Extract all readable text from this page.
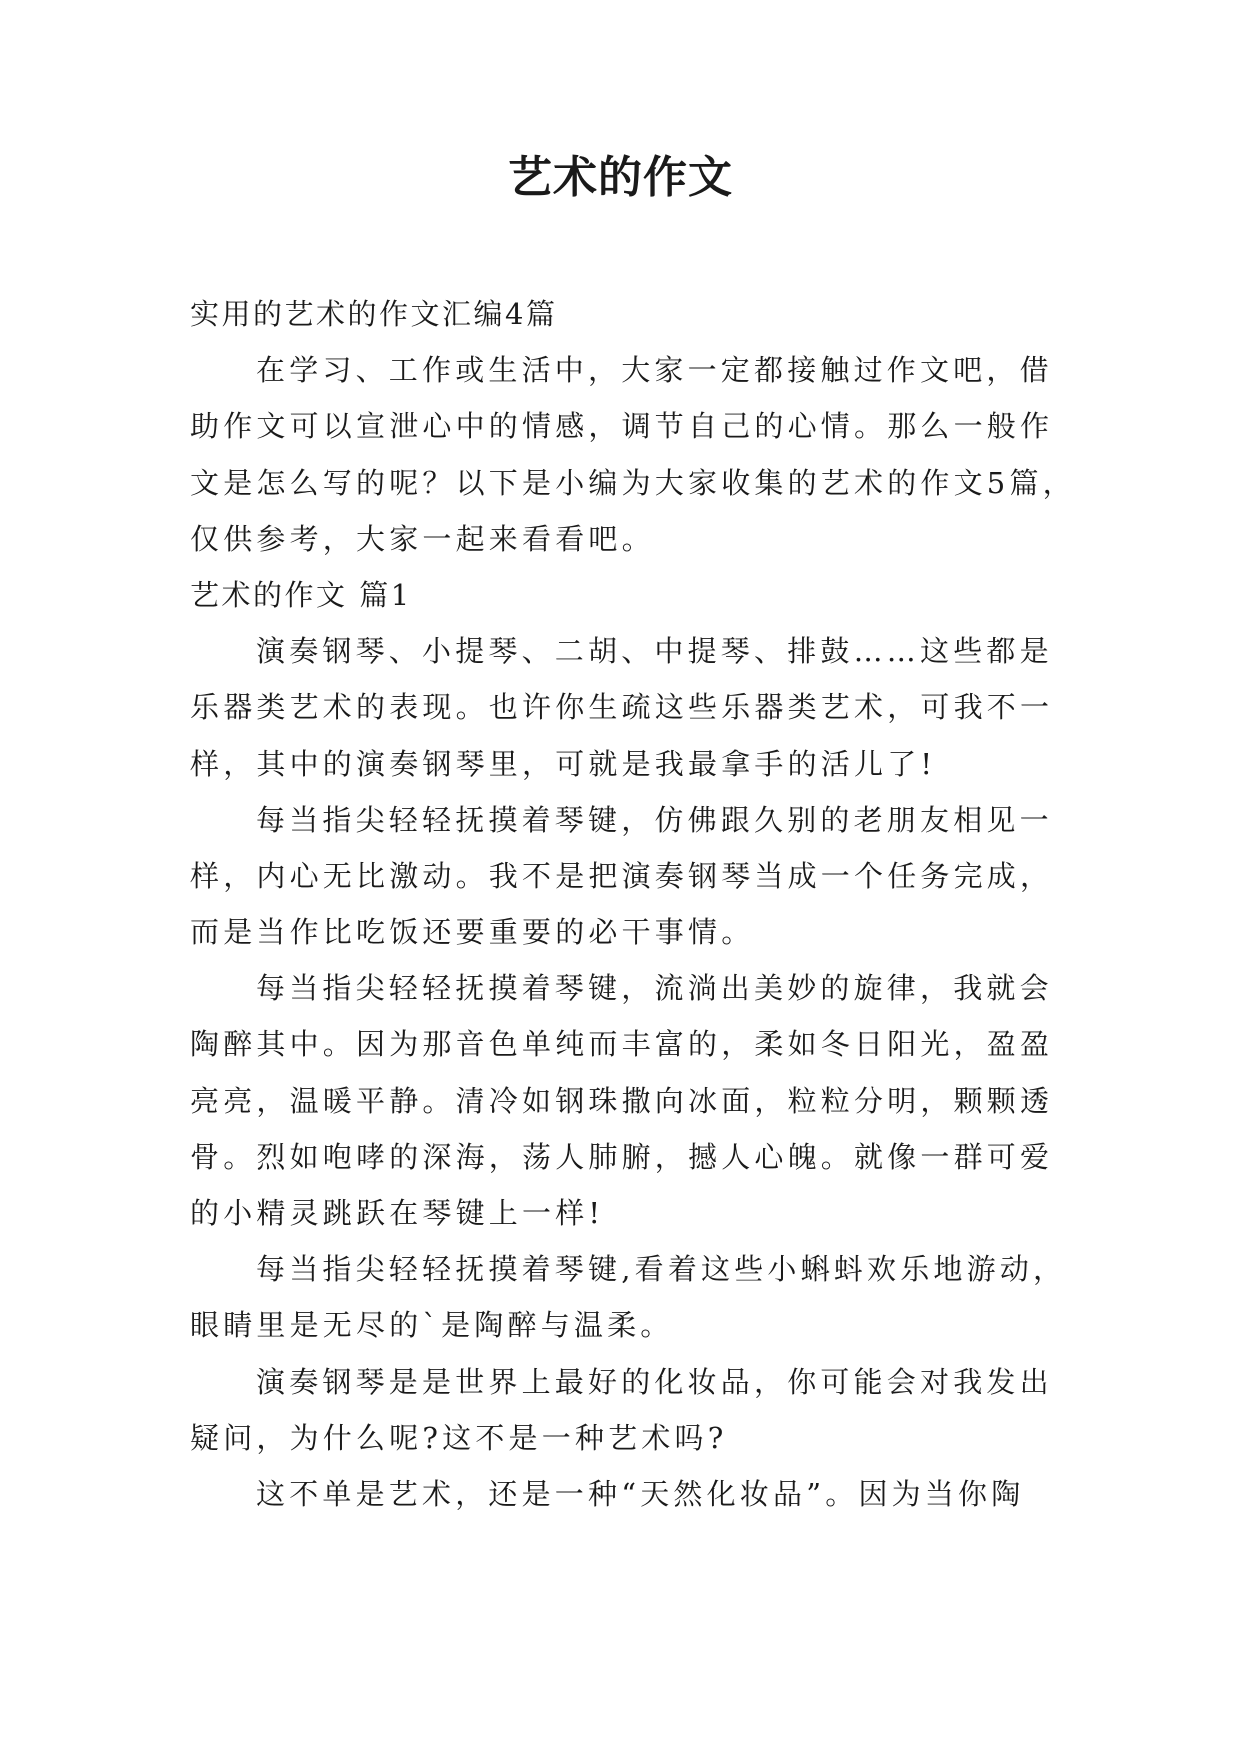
艺术的作文

实用的艺术的作文汇编4篇

在学习、工作或生活中，大家一定都接触过作文吧，借

助作文可以宣泄心中的情感，调节自己的心情。那么一般作

文是怎么写的呢？以下是小编为大家收集的艺术的作文5篇，

仅供参考，大家一起来看看吧。

艺术的作文 篇1

演奏钢琴、小提琴、二胡、中提琴、排鼓……这些都是

乐器类艺术的表现。也许你生疏这些乐器类艺术，可我不一

样，其中的演奏钢琴里，可就是我最拿手的活儿了!

每当指尖轻轻抚摸着琴键，仿佛跟久别的老朋友相见一

样，内心无比激动。我不是把演奏钢琴当成一个任务完成，

而是当作比吃饭还要重要的必干事情。

每当指尖轻轻抚摸着琴键，流淌出美妙的旋律，我就会

陶醉其中。因为那音色单纯而丰富的，柔如冬日阳光，盈盈

亮亮，温暖平静。清冷如钢珠撒向冰面，粒粒分明，颗颗透

骨。烈如咆哮的深海，荡人肺腑，撼人心魄。就像一群可爱

的小精灵跳跃在琴键上一样!

每当指尖轻轻抚摸着琴键,看着这些小蝌蚪欢乐地游动，

眼睛里是无尽的`是陶醉与温柔。

演奏钢琴是是世界上最好的化妆品，你可能会对我发出

疑问，为什么呢?这不是一种艺术吗?

这不单是艺术，还是一种“天然化妆品”。因为当你陶
